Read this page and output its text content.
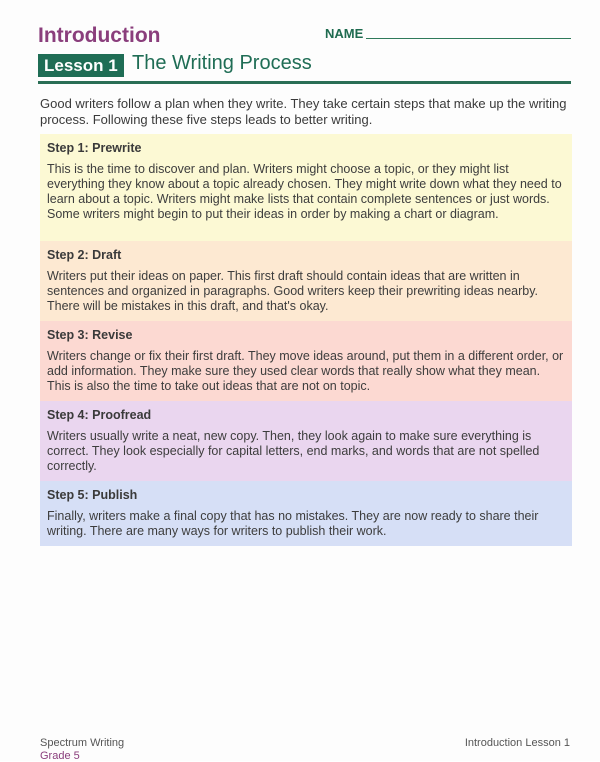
Introduction	NAME
Lesson 1 The Writing Process
Good writers follow a plan when they write. They take certain steps that make up the writing process. Following these five steps leads to better writing.
Step 1: Prewrite
This is the time to discover and plan. Writers might choose a topic, or they might list everything they know about a topic already chosen. They might write down what they need to learn about a topic. Writers might make lists that contain complete sentences or just words. Some writers might begin to put their ideas in order by making a chart or diagram.
Step 2: Draft
Writers put their ideas on paper. This first draft should contain ideas that are written in sentences and organized in paragraphs. Good writers keep their prewriting ideas nearby. There will be mistakes in this draft, and that's okay.
Step 3: Revise
Writers change or fix their first draft. They move ideas around, put them in a different order, or add information. They make sure they used clear words that really show what they mean. This is also the time to take out ideas that are not on topic.
Step 4: Proofread
Writers usually write a neat, new copy. Then, they look again to make sure everything is correct. They look especially for capital letters, end marks, and words that are not spelled correctly.
Step 5: Publish
Finally, writers make a final copy that has no mistakes. They are now ready to share their writing. There are many ways for writers to publish their work.
Spectrum Writing
Grade 5
Introduction Lesson 1
